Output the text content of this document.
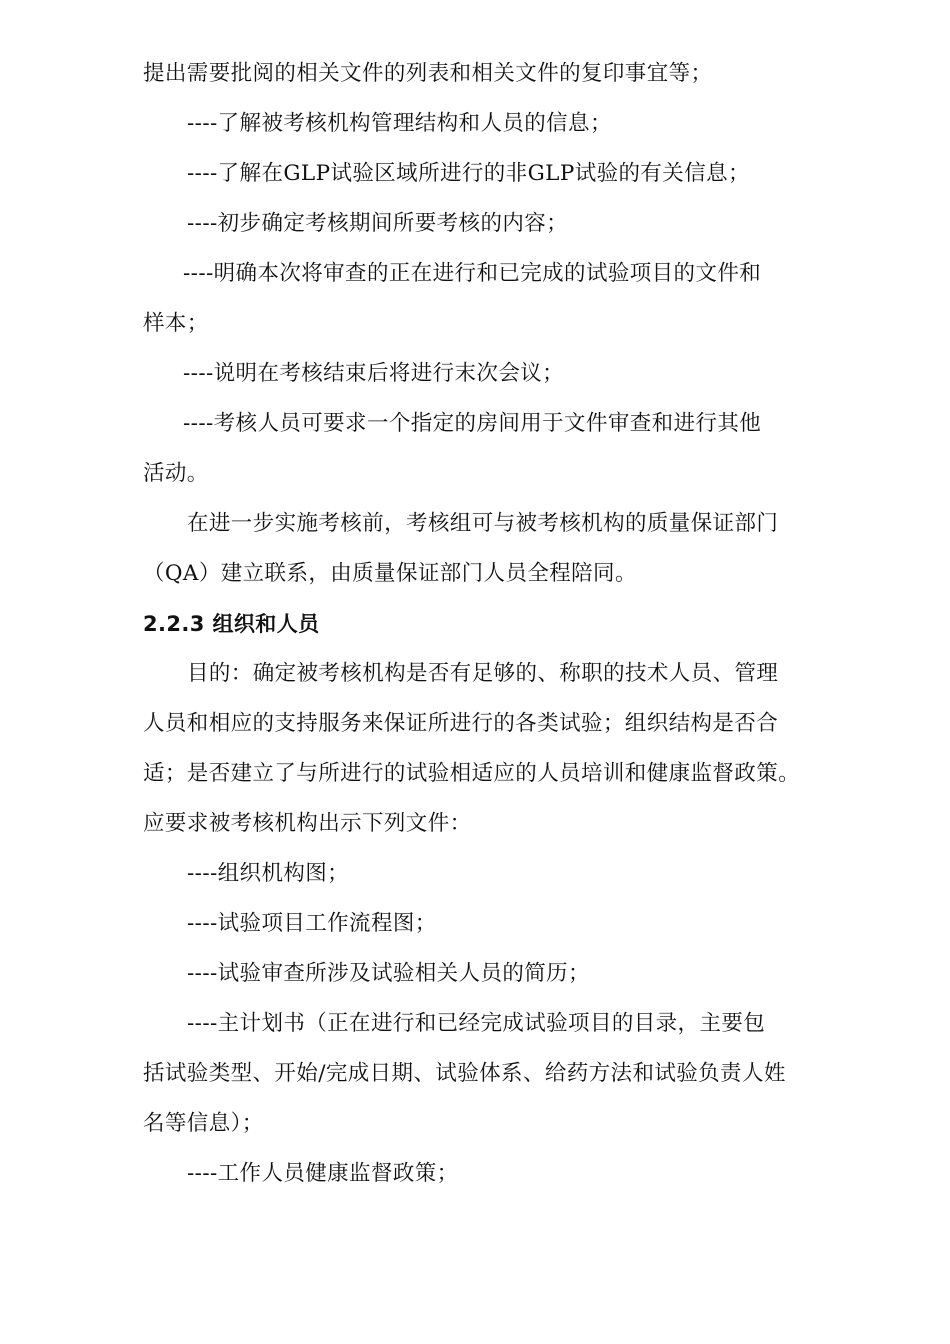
提出需要批阅的相关文件的列表和相关文件的复印事宜等；
----了解被考核机构管理结构和人员的信息；
----了解在GLP试验区域所进行的非GLP试验的有关信息；
----初步确定考核期间所要考核的内容；
----明确本次将审查的正在进行和已完成的试验项目的文件和
样本；
----说明在考核结束后将进行末次会议；
----考核人员可要求一个指定的房间用于文件审查和进行其他
活动。
在进一步实施考核前，考核组可与被考核机构的质量保证部门
（QA）建立联系，由质量保证部门人员全程陪同。
2.2.3 组织和人员
目的：确定被考核机构是否有足够的、称职的技术人员、管理
人员和相应的支持服务来保证所进行的各类试验；组织结构是否合
适；是否建立了与所进行的试验相适应的人员培训和健康监督政策。
应要求被考核机构出示下列文件：
----组织机构图；
----试验项目工作流程图；
----试验审查所涉及试验相关人员的简历；
----主计划书（正在进行和已经完成试验项目的目录，主要包
括试验类型、开始/完成日期、试验体系、给药方法和试验负责人姓
名等信息）；
----工作人员健康监督政策；
